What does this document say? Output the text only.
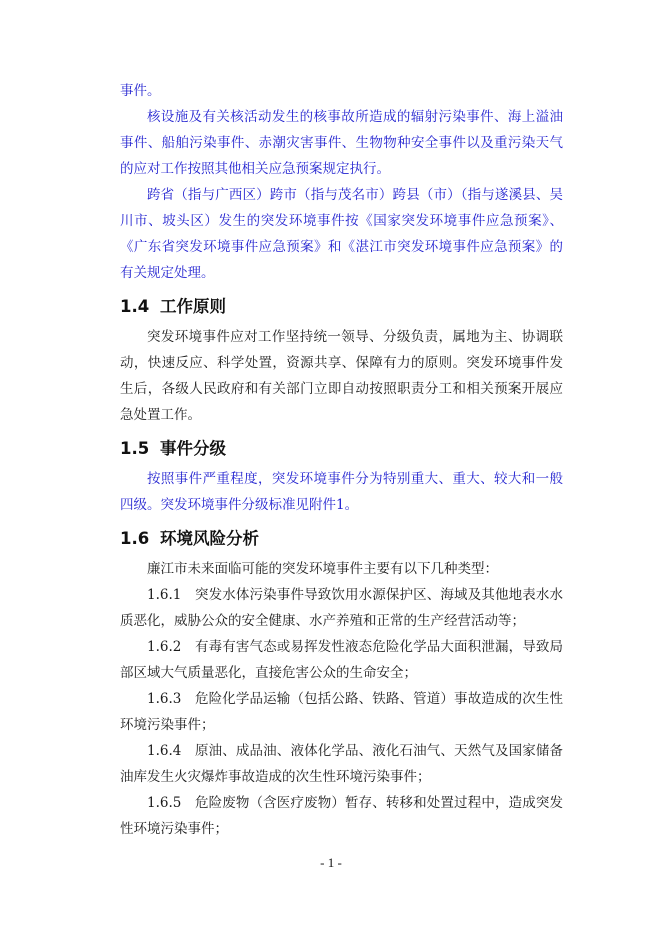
事件。

核设施及有关核活动发生的核事故所造成的辐射污染事件、海上溢油事件、船舶污染事件、赤潮灾害事件、生物物种安全事件以及重污染天气的应对工作按照其他相关应急预案规定执行。

跨省（指与广西区）跨市（指与茂名市）跨县（市）（指与遂溪县、吴川市、坡头区）发生的突发环境事件按《国家突发环境事件应急预案》、《广东省突发环境事件应急预案》和《湛江市突发环境事件应急预案》的有关规定处理。

1.4 工作原则

突发环境事件应对工作坚持统一领导、分级负责，属地为主、协调联动，快速反应、科学处置，资源共享、保障有力的原则。突发环境事件发生后，各级人民政府和有关部门立即自动按照职责分工和相关预案开展应急处置工作。

1.5 事件分级

按照事件严重程度，突发环境事件分为特别重大、重大、较大和一般四级。突发环境事件分级标准见附件1。

1.6 环境风险分析

廉江市未来面临可能的突发环境事件主要有以下几种类型：

1.6.1  突发水体污染事件导致饮用水源保护区、海域及其他地表水水质恶化，威胁公众的安全健康、水产养殖和正常的生产经营活动等；

1.6.2  有毒有害气态或易挥发性液态危险化学品大面积泄漏，导致局部区域大气质量恶化，直接危害公众的生命安全；

1.6.3  危险化学品运输（包括公路、铁路、管道）事故造成的次生性环境污染事件；

1.6.4  原油、成品油、液体化学品、液化石油气、天然气及国家储备油库发生火灾爆炸事故造成的次生性环境污染事件；

1.6.5  危险废物（含医疗废物）暂存、转移和处置过程中，造成突发性环境污染事件；

- 1 -
